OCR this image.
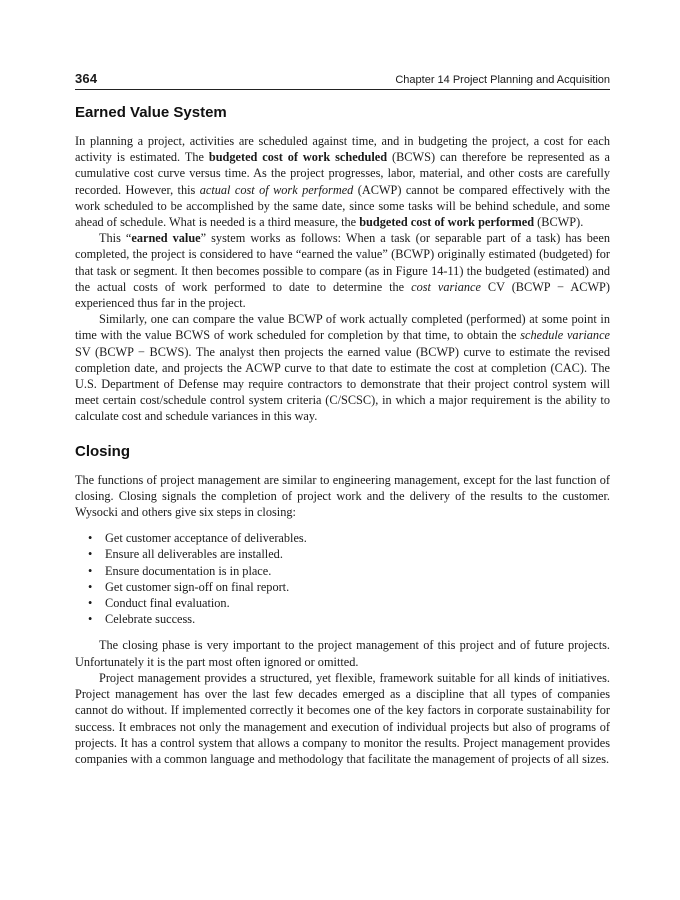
364	Chapter 14 Project Planning and Acquisition
Earned Value System

In planning a project, activities are scheduled against time, and in budgeting the project, a cost for each activity is estimated. The budgeted cost of work scheduled (BCWS) can therefore be represented as a cumulative cost curve versus time. As the project progresses, labor, material, and other costs are carefully recorded. However, this actual cost of work performed (ACWP) cannot be compared effectively with the work scheduled to be accomplished by the same date, since some tasks will be behind schedule, and some ahead of schedule. What is needed is a third measure, the budgeted cost of work performed (BCWP).

This “earned value” system works as follows: When a task (or separable part of a task) has been completed, the project is considered to have “earned the value” (BCWP) originally estimated (budgeted) for that task or segment. It then becomes possible to compare (as in Figure 14-11) the budgeted (estimated) and the actual costs of work performed to date to determine the cost variance CV (BCWP − ACWP) experienced thus far in the project.

Similarly, one can compare the value BCWP of work actually completed (performed) at some point in time with the value BCWS of work scheduled for completion by that time, to obtain the schedule variance SV (BCWP − BCWS). The analyst then projects the earned value (BCWP) curve to estimate the revised completion date, and projects the ACWP curve to that date to estimate the cost at completion (CAC). The U.S. Department of Defense may require contractors to demonstrate that their project control system will meet certain cost/schedule control system criteria (C/SCSC), in which a major requirement is the ability to calculate cost and schedule variances in this way.

Closing

The functions of project management are similar to engineering management, except for the last function of closing. Closing signals the completion of project work and the delivery of the results to the customer. Wysocki and others give six steps in closing:

• Get customer acceptance of deliverables.
• Ensure all deliverables are installed.
• Ensure documentation is in place.
• Get customer sign-off on final report.
• Conduct final evaluation.
• Celebrate success.

The closing phase is very important to the project management of this project and of future projects. Unfortunately it is the part most often ignored or omitted.

Project management provides a structured, yet flexible, framework suitable for all kinds of initiatives. Project management has over the last few decades emerged as a discipline that all types of companies cannot do without. If implemented correctly it becomes one of the key factors in corporate sustainability for success. It embraces not only the management and execution of individual projects but also of programs of projects. It has a control system that allows a company to monitor the results. Project management provides companies with a common language and methodology that facilitate the management of projects of all sizes.
